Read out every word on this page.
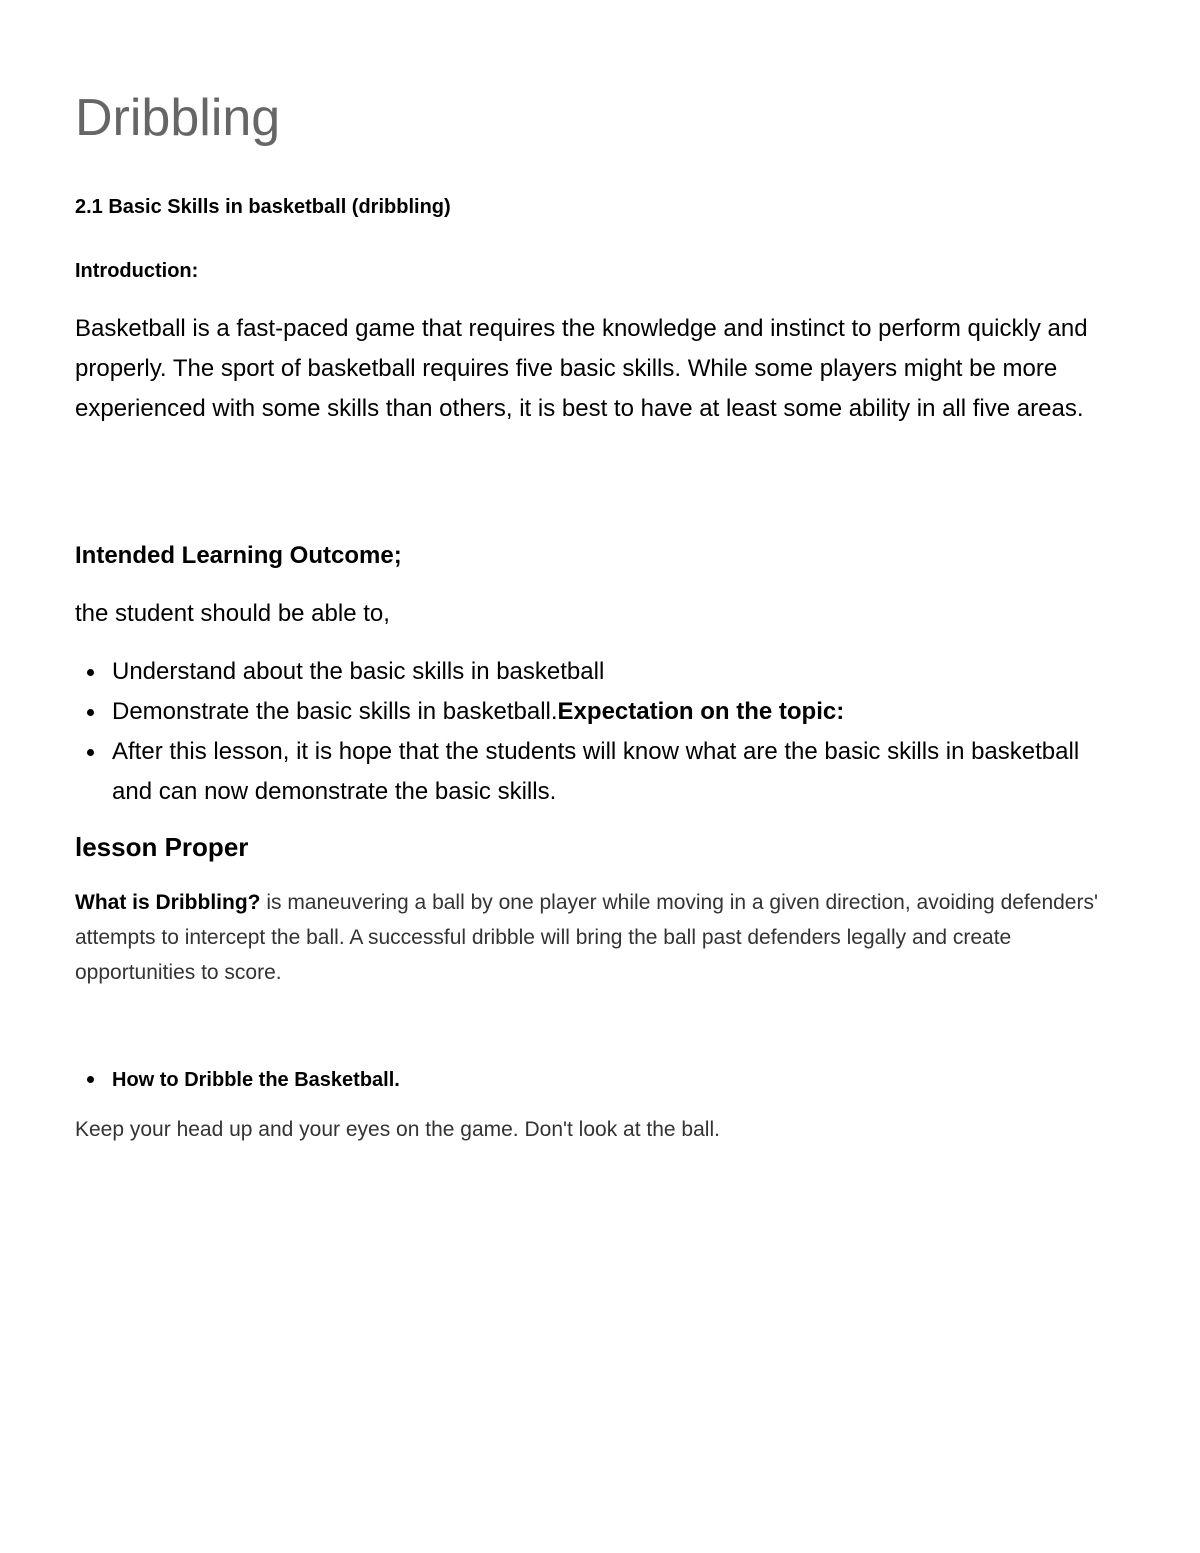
Dribbling
2.1 Basic Skills in basketball (dribbling)
Introduction:

Basketball is a fast-paced game that requires the knowledge and instinct to perform quickly and properly. The sport of basketball requires five basic skills. While some players might be more experienced with some skills than others, it is best to have at least some ability in all five areas.

Intended Learning Outcome;

the student should be able to,

Understand about the basic skills in basketball
Demonstrate the basic skills in basketball.Expectation on the topic:
After this lesson, it is hope that the students will know what are the basic skills in basketball and can now demonstrate the basic skills.
lesson Proper

What is Dribbling? is maneuvering a ball by one player while moving in a given direction, avoiding defenders' attempts to intercept the ball. A successful dribble will bring the ball past defenders legally and create opportunities to score.

How to Dribble the Basketball.

Keep your head up and your eyes on the game. Don't look at the ball.
